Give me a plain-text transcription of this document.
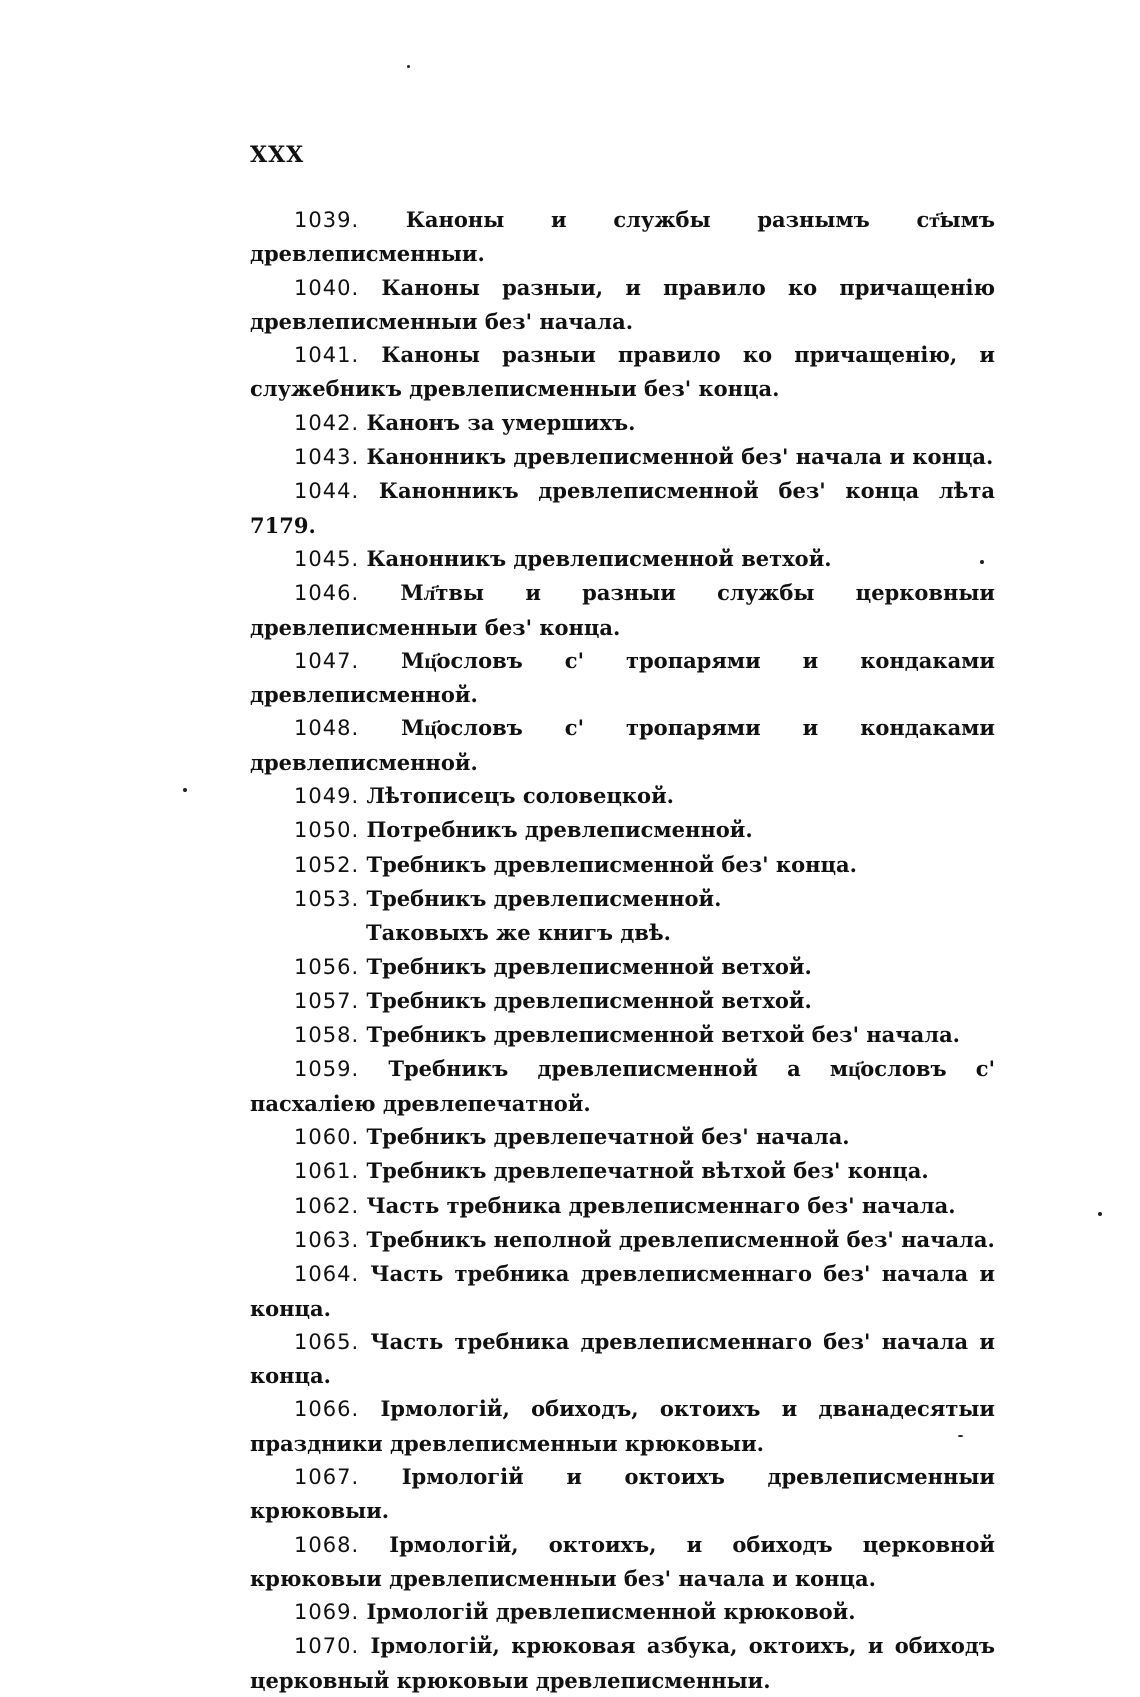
XXX

1039. Каноны и службы разнымъ ст҃ымъ древлеписменныи.

1040. Каноны разныи, и правило ко причащенію древлеписменныи без' начала.

1041. Каноны разныи правило ко причащенію, и служебникъ древлеписменныи без' конца.

1042. Канонъ за умершихъ.

1043. Канонникъ древлеписменной без' начала и конца.

1044. Канонникъ древлеписменной без' конца лѣта 7179.

1045. Канонникъ древлеписменной ветхой.

1046. Мл҃твы и разныи службы церковныи древлеписменныи без' конца.

1047. Мц҃ословъ с' тропарями и кондаками древлеписменной.

1048. Мц҃ословъ с' тропарями и кондаками древлеписменной.

1049. Лѣтописецъ соловецкой.

1050. Потребникъ древлеписменной.

1052. Требникъ древлеписменной без' конца.

1053. Требникъ древлеписменной.

Таковыхъ же книгъ двѣ.

1056. Требникъ древлеписменной ветхой.

1057. Требникъ древлеписменной ветхой.

1058. Требникъ древлеписменной ветхой без' начала.

1059. Требникъ древлеписменной а мц҃ословъ с' пасхаліею древлепечатной.

1060. Требникъ древлепечатной без' начала.

1061. Требникъ древлепечатной вѣтхой без' конца.

1062. Часть требника древлеписменнаго без' начала.

1063. Требникъ неполной древлеписменной без' начала.

1064. Часть требника древлеписменнаго без' начала и конца.

1065. Часть требника древлеписменнаго без' начала и конца.

1066. Ірмологій, обиходъ, октоихъ и дванадесятыи праздники древлеписменныи крюковыи.

1067. Ірмологій и октоихъ древлеписменныи крюковыи.

1068. Ірмологій, октоихъ, и обиходъ церковной крюковыи древлеписменныи без' начала и конца.

1069. Ірмологій древлеписменной крюковой.

1070. Ірмологій, крюковая азбука, октоихъ, и обиходъ церковный крюковыи древлеписменныи.
